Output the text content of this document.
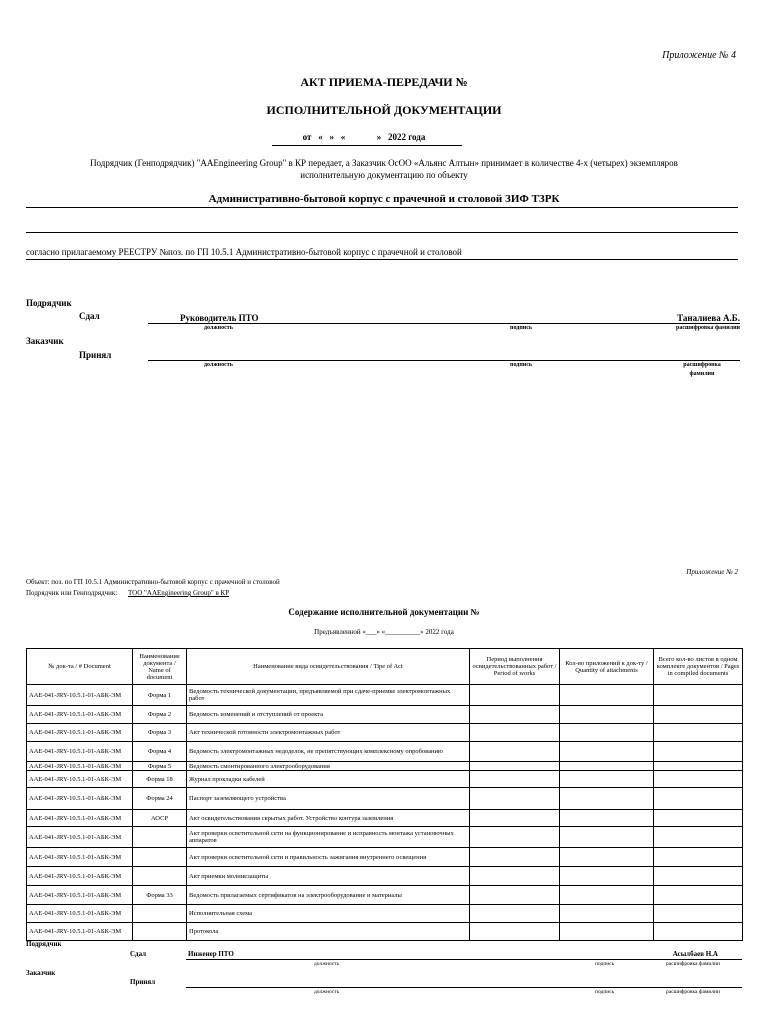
Приложение № 4
АКТ ПРИЕМА-ПЕРЕДАЧИ №
ИСПОЛНИТЕЛЬНОЙ ДОКУМЕНТАЦИИ
от   «   »   «              »   2022 года
Подрядчик (Генподрядчик) "AAEngineering Group" в КР передает, а Заказчик ОсОО «Альянс Алтын» принимает в количестве 4-х (четырех) экземпляров
исполнительную документацию по объекту
Административно-бытовой корпус с прачечной и столовой ЗИФ ТЗРК
согласно прилагаемому РЕЕСТРУ №поз. по ГП 10.5.1 Административно-бытовой корпус с прачечной и столовой
Подрядчик
Сдал	Руководитель ПТО	Таналиева А.Б.
должность	подпись	расшифровка фамилии
Заказчик
Принял
должность	подпись	расшифровка
фамилии
Приложение № 2
Объект: поз. по ГП 10.5.1 Административно-бытовой корпус с прачечной и столовой
Подрядчик или Генподрядчик: ТОО "AAEngineering Group" в КР
Содержание исполнительной документации №
Предъявленной «___» «__________» 2022 года
№ док-та / # Document	Наименование документа / Name of document	Наименование вида освидетельствования / Tipe of Act	Период выполнения освидетельствованных работ / Period of works	Кол-во приложений к док-ту / Quantity of attachments	Всего кол-во листов в одном комплекте документов / Pages in compiled documents
AAE-041-JRY-10.5.1-01-АБК-ЭМ	Форма 1	Ведомость технической документации, предъявляемой при сдаче-приемке электромонтажных работ			
AAE-041-JRY-10.5.1-01-АБК-ЭМ	Форма 2	Ведомость изменений и отступлений от проекта			
AAE-041-JRY-10.5.1-01-АБК-ЭМ	Форма 3	Акт технической готовности электромонтажных работ			
AAE-041-JRY-10.5.1-01-АБК-ЭМ	Форма 4	Ведомость электромонтажных недоделок, не препятствующих комплексному опробованию			
AAE-041-JRY-10.5.1-01-АБК-ЭМ	Форма 5	Ведомость смонтированного электрооборудования			
AAE-041-JRY-10.5.1-01-АБК-ЭМ	Форма 18	Журнал прокладки кабелей			
AAE-041-JRY-10.5.1-01-АБК-ЭМ	Форма 24	Паспорт заземляющего устройства			
AAE-041-JRY-10.5.1-01-АБК-ЭМ	АОСР	Акт освидетельствования скрытых работ. Устройство контура заземления			
AAE-041-JRY-10.5.1-01-АБК-ЭМ		Акт проверки осветительной сети на функционирование и исправность монтажа установочных аппаратов			
AAE-041-JRY-10.5.1-01-АБК-ЭМ		Акт проверки осветительной сети и правильность зажигания внутреннего освещения			
AAE-041-JRY-10.5.1-01-АБК-ЭМ		Акт приемки молниезащиты			
AAE-041-JRY-10.5.1-01-АБК-ЭМ	Форма 33	Ведомость прилагаемых сертификатов на электрооборудование и материалы			
AAE-041-JRY-10.5.1-01-АБК-ЭМ		Исполнительная схема			
AAE-041-JRY-10.5.1-01-АБК-ЭМ		Протокола			
Подрядчик
Сдал	Инженер ПТО	Асылбаев Н.А
должность	подпись	расшифровка фамилии
Заказчик
Принял
должность	подпись	расшифровка фамилии
